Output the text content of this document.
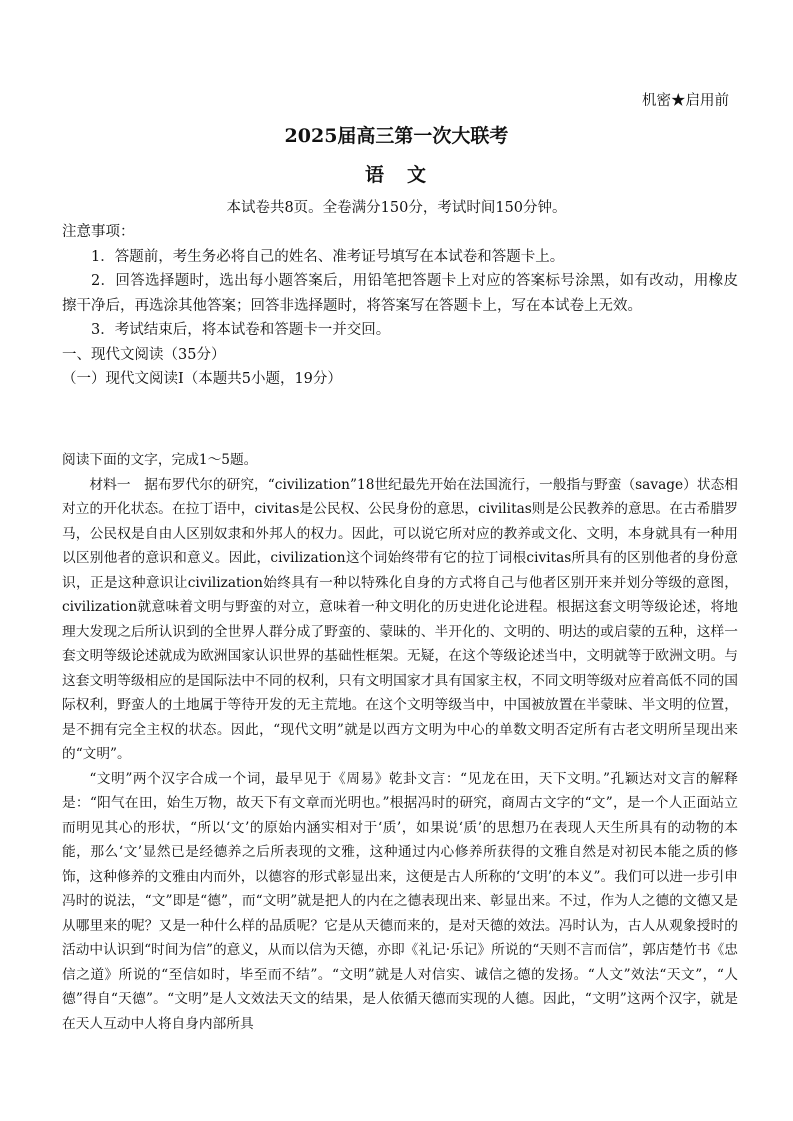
机密★启用前
2025届高三第一次大联考
语　文
本试卷共8页。全卷满分150分，考试时间150分钟。

注意事项：

1．答题前，考生务必将自己的姓名、准考证号填写在本试卷和答题卡上。

2．回答选择题时，选出每小题答案后，用铅笔把答题卡上对应的答案标号涂黑，如有改动，用橡皮擦干净后，再选涂其他答案；回答非选择题时，将答案写在答题卡上，写在本试卷上无效。

3．考试结束后，将本试卷和答题卡一并交回。

一、现代文阅读（35分）

（一）现代文阅读Ⅰ（本题共5小题，19分）

阅读下面的文字，完成1～5题。

材料一　据布罗代尔的研究，“civilization”18世纪最先开始在法国流行，一般指与野蛮（savage）状态相对立的开化状态。在拉丁语中，civitas是公民权、公民身份的意思，civilitas则是公民教养的意思。在古希腊罗马，公民权是自由人区别奴隶和外邦人的权力。因此，可以说它所对应的教养或文化、文明，本身就具有一种用以区别他者的意识和意义。因此，civilization这个词始终带有它的拉丁词根civitas所具有的区别他者的身份意识，正是这种意识让civilization始终具有一种以特殊化自身的方式将自己与他者区别开来并划分等级的意图，civilization就意味着文明与野蛮的对立，意味着一种文明化的历史进化论进程。根据这套文明等级论述，将地理大发现之后所认识到的全世界人群分成了野蛮的、蒙昧的、半开化的、文明的、明达的或启蒙的五种，这样一套文明等级论述就成为欧洲国家认识世界的基础性框架。无疑，在这个等级论述当中，文明就等于欧洲文明。与这套文明等级相应的是国际法中不同的权利，只有文明国家才具有国家主权，不同文明等级对应着高低不同的国际权利，野蛮人的土地属于等待开发的无主荒地。在这个文明等级当中，中国被放置在半蒙昧、半文明的位置，是不拥有完全主权的状态。因此，“现代文明”就是以西方文明为中心的单数文明否定所有古老文明所呈现出来的“文明”。

“文明”两个汉字合成一个词，最早见于《周易》乾卦文言：“见龙在田，天下文明。”孔颖达对文言的解释是：“阳气在田，始生万物，故天下有文章而光明也。”根据冯时的研究，商周古文字的“文”，是一个人正面站立而明见其心的形状，“所以‘文’的原始内涵实相对于‘质’，如果说‘质’的思想乃在表现人天生所具有的动物的本能，那么‘文’显然已是经德养之后所表现的文雅，这种通过内心修养所获得的文雅自然是对初民本能之质的修饰，这种修养的文雅由内而外，以德容的形式彰显出来，这便是古人所称的‘文明’的本义”。我们可以进一步引申冯时的说法，“文”即是“德”，而“文明”就是把人的内在之德表现出来、彰显出来。不过，作为人之德的文德又是从哪里来的呢？又是一种什么样的品质呢？它是从天德而来的，是对天德的效法。冯时认为，古人从观象授时的活动中认识到“时间为信”的意义，从而以信为天德，亦即《礼记·乐记》所说的“天则不言而信”，郭店楚竹书《忠信之道》所说的“至信如时，毕至而不结”。“文明”就是人对信实、诚信之德的发扬。“人文”效法“天文”，“人德”得自“天德”。“文明”是人文效法天文的结果，是人依循天德而实现的人德。因此，“文明”这两个汉字，就是在天人互动中人将自身内部所具
